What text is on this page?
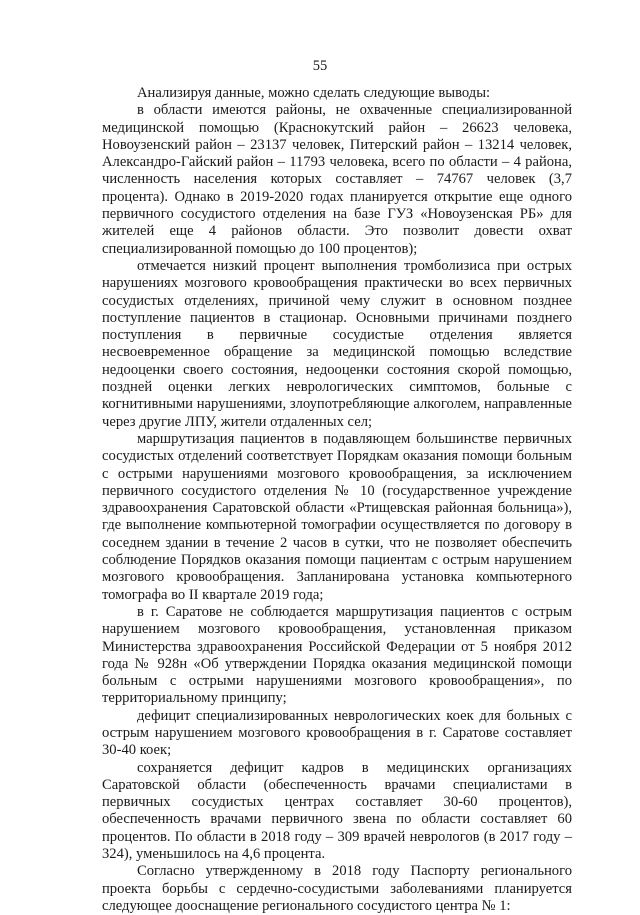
55

Анализируя данные, можно сделать следующие выводы:

в области имеются районы, не охваченные специализированной медицинской помощью (Краснокутский район – 26623 человека, Новоузенский район – 23137 человек, Питерский район – 13214 человек, Александро-Гайский район – 11793 человека, всего по области – 4 района, численность населения которых составляет – 74767 человек (3,7 процента). Однако в 2019-2020 годах планируется открытие еще одного первичного сосудистого отделения на базе ГУЗ «Новоузенская РБ» для жителей еще 4 районов области. Это позволит довести охват специализированной помощью до 100 процентов);

отмечается низкий процент выполнения тромболизиса при острых нарушениях мозгового кровообращения практически во всех первичных сосудистых отделениях, причиной чему служит в основном позднее поступление пациентов в стационар. Основными причинами позднего поступления в первичные сосудистые отделения является несвоевременное обращение за медицинской помощью вследствие недооценки своего состояния, недооценки состояния скорой помощью, поздней оценки легких неврологических симптомов, больные с когнитивными нарушениями, злоупотребляющие алкоголем, направленные через другие ЛПУ, жители отдаленных сел;

маршрутизация пациентов в подавляющем большинстве первичных сосудистых отделений соответствует Порядкам оказания помощи больным с острыми нарушениями мозгового кровообращения, за исключением первичного сосудистого отделения № 10 (государственное учреждение здравоохранения Саратовской области «Ртищевская районная больница»), где выполнение компьютерной томографии осуществляется по договору в соседнем здании в течение 2 часов в сутки, что не позволяет обеспечить соблюдение Порядков оказания помощи пациентам с острым нарушением мозгового кровообращения. Запланирована установка компьютерного томографа во II квартале 2019 года;

в г. Саратове не соблюдается маршрутизация пациентов с острым нарушением мозгового кровообращения, установленная приказом Министерства здравоохранения Российской Федерации от 5 ноября 2012 года № 928н «Об утверждении Порядка оказания медицинской помощи больным с острыми нарушениями мозгового кровообращения», по территориальному принципу;

дефицит специализированных неврологических коек для больных с острым нарушением мозгового кровообращения в г. Саратове составляет 30-40 коек;

сохраняется дефицит кадров в медицинских организациях Саратовской области (обеспеченность врачами специалистами в первичных сосудистых центрах составляет 30-60 процентов), обеспеченность врачами первичного звена по области составляет 60 процентов. По области в 2018 году – 309 врачей неврологов (в 2017 году – 324), уменьшилось на 4,6 процента.

Согласно утвержденному в 2018 году Паспорту регионального проекта борьбы с сердечно-сосудистыми заболеваниями планируется следующее дооснащение регионального сосудистого центра № 1:
